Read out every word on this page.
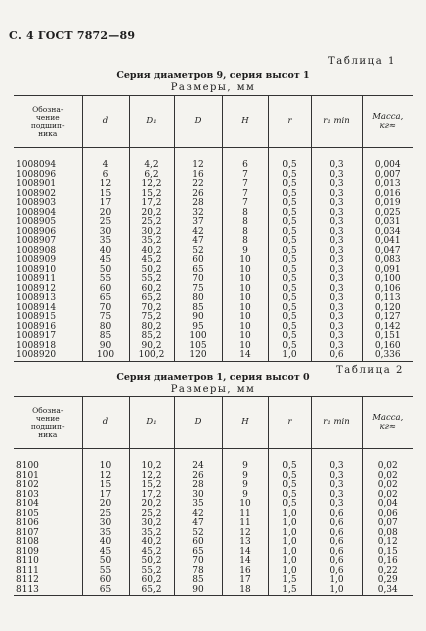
С. 4 ГОСТ 7872—89
Таблица 1
Серия диаметров 9, серия высот 1
Размеры, мм
Обозна-
чение
подшип-
ника	d	D₁	D	H	r	r₁ min	Масса,
кг≈

1008094	4	4,2	12	6	0,5	0,3	0,004
1008096	6	6,2	16	7	0,5	0,3	0,007
1008901	12	12,2	22	7	0,5	0,3	0,013
1008902	15	15,2	26	7	0,5	0,3	0,016
1008903	17	17,2	28	7	0,5	0,3	0,019
1008904	20	20,2	32	8	0,5	0,3	0,025
1008905	25	25,2	37	8	0,5	0,3	0,031
1008906	30	30,2	42	8	0,5	0,3	0,034
1008907	35	35,2	47	8	0,5	0,3	0,041
1008908	40	40,2	52	9	0,5	0,3	0,047
1008909	45	45,2	60	10	0,5	0,3	0,083
1008910	50	50,2	65	10	0,5	0,3	0,091
1008911	55	55,2	70	10	0,5	0,3	0,100
1008912	60	60,2	75	10	0,5	0,3	0,106
1008913	65	65,2	80	10	0,5	0,3	0,113
1008914	70	70,2	85	10	0,5	0,3	0,120
1008915	75	75,2	90	10	0,5	0,3	0,127
1008916	80	80,2	95	10	0,5	0,3	0,142
1008917	85	85,2	100	10	0,5	0,3	0,151
1008918	90	90,2	105	10	0,5	0,3	0,160
1008920	100	100,2	120	14	1,0	0,6	0,336
Таблица 2
Серия диаметров 1, серия высот 0
Размеры, мм
Обозна-
чение
подшип-
ника	d	D₁	D	H	r	r₁ min	Масса,
кг≈

8100	10	10,2	24	9	0,5	0,3	0,02
8101	12	12,2	26	9	0,5	0,3	0,02
8102	15	15,2	28	9	0,5	0,3	0,02
8103	17	17,2	30	9	0,5	0,3	0,02
8104	20	20,2	35	10	0,5	0,3	0,04
8105	25	25,2	42	11	1,0	0,6	0,06
8106	30	30,2	47	11	1,0	0,6	0,07
8107	35	35,2	52	12	1,0	0,6	0,08
8108	40	40,2	60	13	1,0	0,6	0,12
8109	45	45,2	65	14	1,0	0,6	0,15
8110	50	50,2	70	14	1,0	0,6	0,16
8111	55	55,2	78	16	1,0	0,6	0,22
8112	60	60,2	85	17	1,5	1,0	0,29
8113	65	65,2	90	18	1,5	1,0	0,34
